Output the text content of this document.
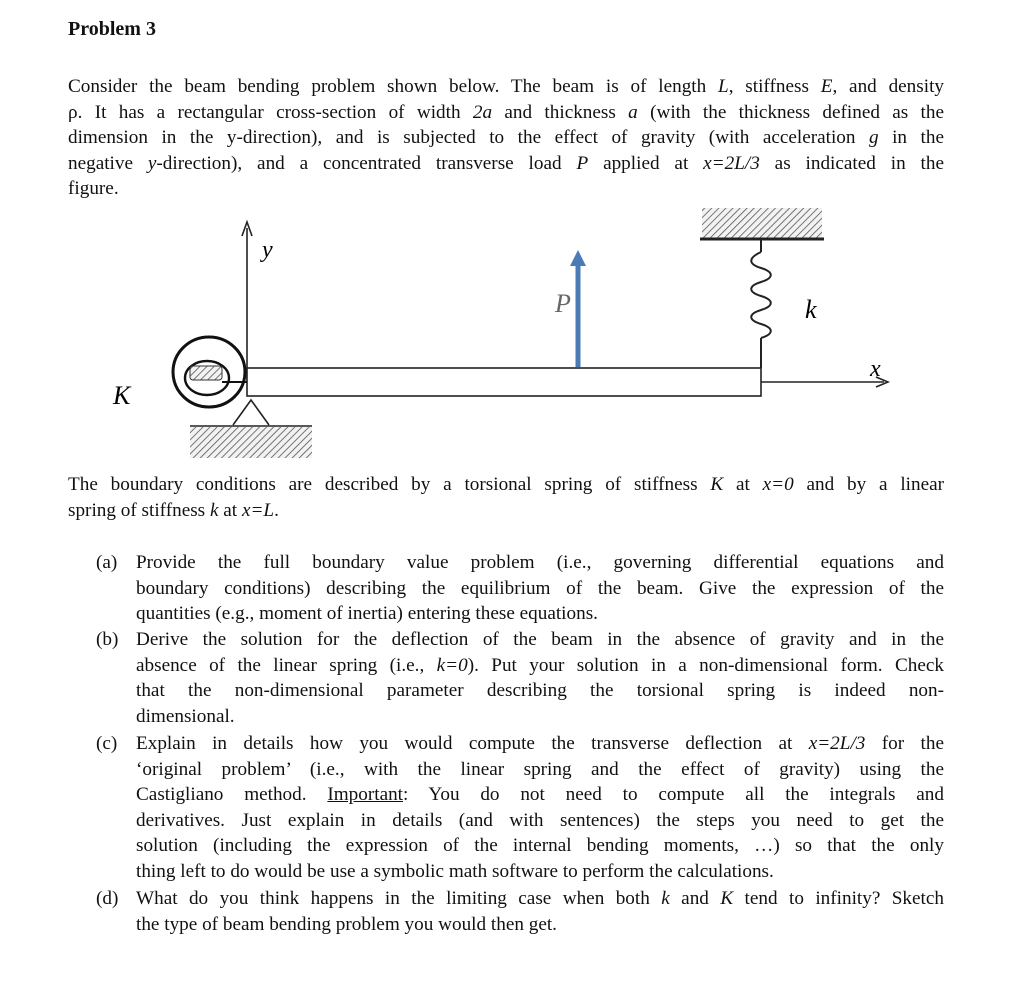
Problem 3
Consider the beam bending problem shown below. The beam is of length L, stiffness E, and density
ρ. It has a rectangular cross-section of width 2a and thickness a (with the thickness defined as the
dimension in the y-direction), and is subjected to the effect of gravity (with acceleration g in the
negative y-direction), and a concentrated transverse load P applied at x=2L/3 as indicated in the
figure.
y
x
P	k
K
The boundary conditions are described by a torsional spring of stiffness K at x=0 and by a linear
spring of stiffness k at x=L.
(a) Provide the full boundary value problem (i.e., governing differential equations and
boundary conditions) describing the equilibrium of the beam. Give the expression of the
quantities (e.g., moment of inertia) entering these equations.
(b) Derive the solution for the deflection of the beam in the absence of gravity and in the
absence of the linear spring (i.e., k=0). Put your solution in a non-dimensional form. Check
that the non-dimensional parameter describing the torsional spring is indeed non-
dimensional.
(c) Explain in details how you would compute the transverse deflection at x=2L/3 for the
‘original problem’ (i.e., with the linear spring and the effect of gravity) using the
Castigliano method. Important: You do not need to compute all the integrals and
derivatives. Just explain in details (and with sentences) the steps you need to get the
solution (including the expression of the internal bending moments, …) so that the only
thing left to do would be use a symbolic math software to perform the calculations.
(d) What do you think happens in the limiting case when both k and K tend to infinity? Sketch
the type of beam bending problem you would then get.
